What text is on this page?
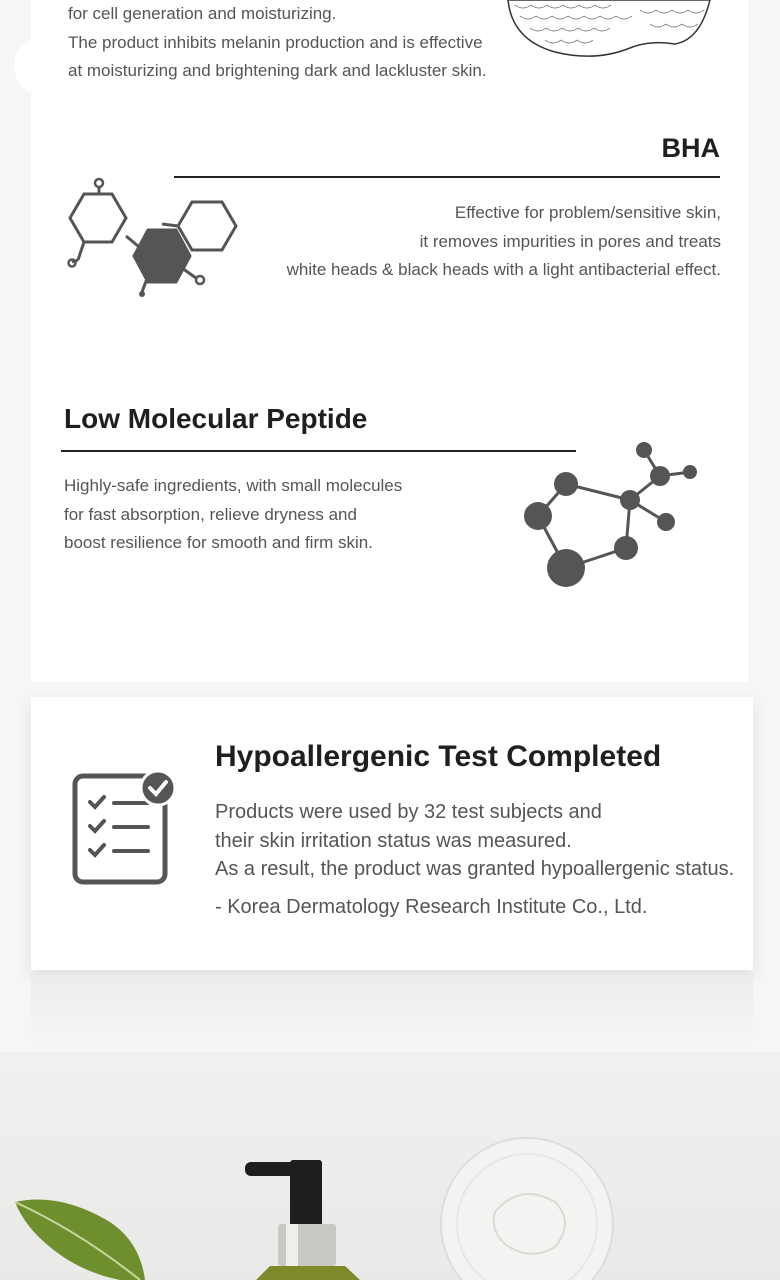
for cell generation and moisturizing.

The product inhibits melanin production and is effective

at moisturizing and brightening dark and lackluster skin.

BHA

Effective for problem/sensitive skin,

it removes impurities in pores and treats

white heads & black heads with a light antibacterial effect.

Low Molecular Peptide

Highly-safe ingredients, with small molecules

for fast absorption, relieve dryness and

boost resilience for smooth and firm skin.

Hypoallergenic Test Completed

Products were used by 32 test subjects and

their skin irritation status was measured.

As a result, the product was granted hypoallergenic status.

- Korea Dermatology Research Institute Co., Ltd.
